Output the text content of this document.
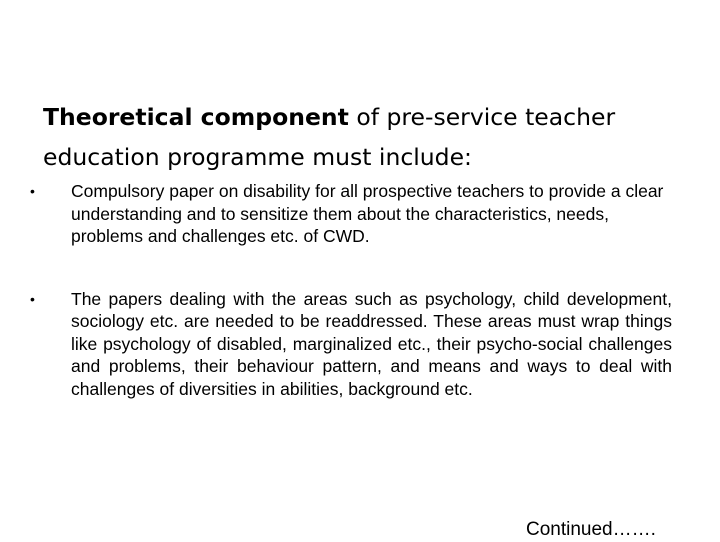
Theoretical component of pre-service teacher education programme must include:
•	Compulsory paper on disability for all prospective teachers to provide a clear understanding and to sensitize them about the characteristics, needs, problems and challenges etc. of CWD.
•	The papers dealing with the areas such as psychology, child development, sociology etc. are needed to be readdressed. These areas must wrap things like psychology of disabled, marginalized etc., their psycho-social challenges and problems, their behaviour pattern, and means and ways to deal with challenges of diversities in abilities, background etc.
Continued…….
